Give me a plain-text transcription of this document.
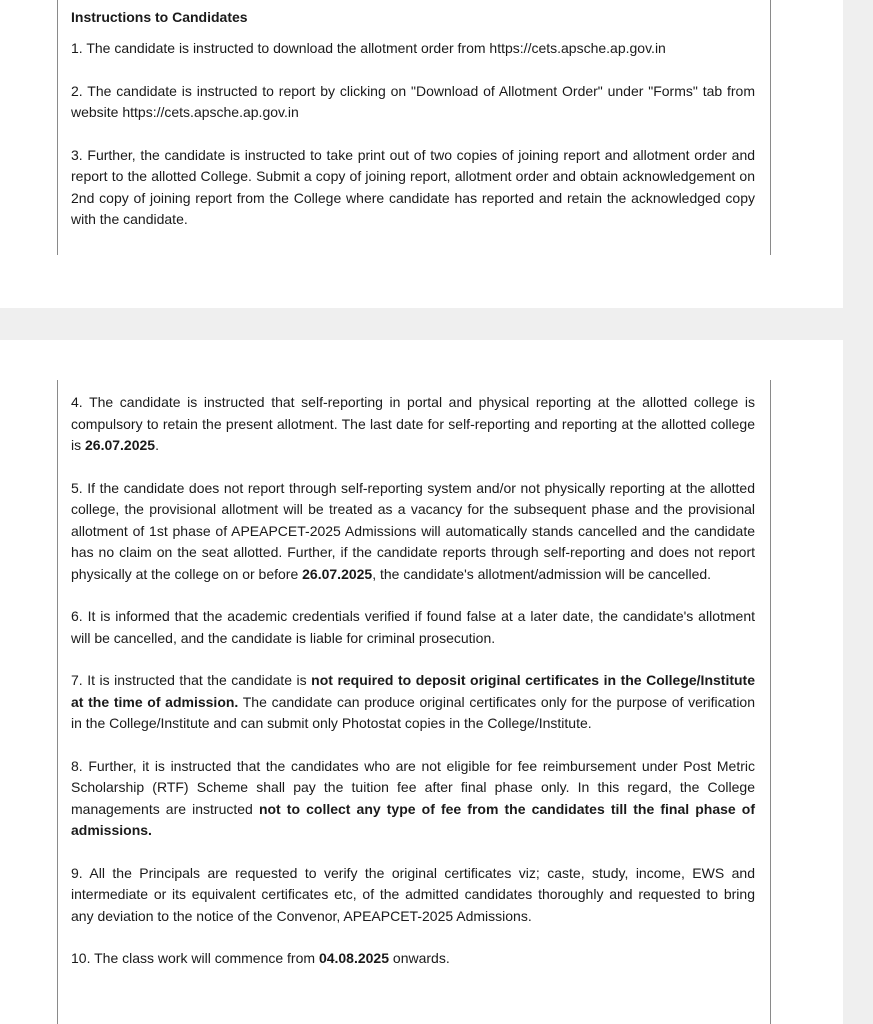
Instructions to Candidates

1. The candidate is instructed to download the allotment order from https://cets.apsche.ap.gov.in

2. The candidate is instructed to report by clicking on "Download of Allotment Order" under "Forms" tab from website https://cets.apsche.ap.gov.in

3. Further, the candidate is instructed to take print out of two copies of joining report and allotment order and report to the allotted College. Submit a copy of joining report, allotment order and obtain acknowledgement on 2nd copy of joining report from the College where candidate has reported and retain the acknowledged copy with the candidate.

4. The candidate is instructed that self-reporting in portal and physical reporting at the allotted college is compulsory to retain the present allotment. The last date for self-reporting and reporting at the allotted college is 26.07.2025.

5. If the candidate does not report through self-reporting system and/or not physically reporting at the allotted college, the provisional allotment will be treated as a vacancy for the subsequent phase and the provisional allotment of 1st phase of APEAPCET-2025 Admissions will automatically stands cancelled and the candidate has no claim on the seat allotted. Further, if the candidate reports through self-reporting and does not report physically at the college on or before 26.07.2025, the candidate's allotment/admission will be cancelled.

6. It is informed that the academic credentials verified if found false at a later date, the candidate's allotment will be cancelled, and the candidate is liable for criminal prosecution.

7. It is instructed that the candidate is not required to deposit original certificates in the College/Institute at the time of admission. The candidate can produce original certificates only for the purpose of verification in the College/Institute and can submit only Photostat copies in the College/Institute.

8. Further, it is instructed that the candidates who are not eligible for fee reimbursement under Post Metric Scholarship (RTF) Scheme shall pay the tuition fee after final phase only. In this regard, the College managements are instructed not to collect any type of fee from the candidates till the final phase of admissions.

9. All the Principals are requested to verify the original certificates viz; caste, study, income, EWS and intermediate or its equivalent certificates etc, of the admitted candidates thoroughly and requested to bring any deviation to the notice of the Convenor, APEAPCET-2025 Admissions.

10. The class work will commence from 04.08.2025 onwards.
